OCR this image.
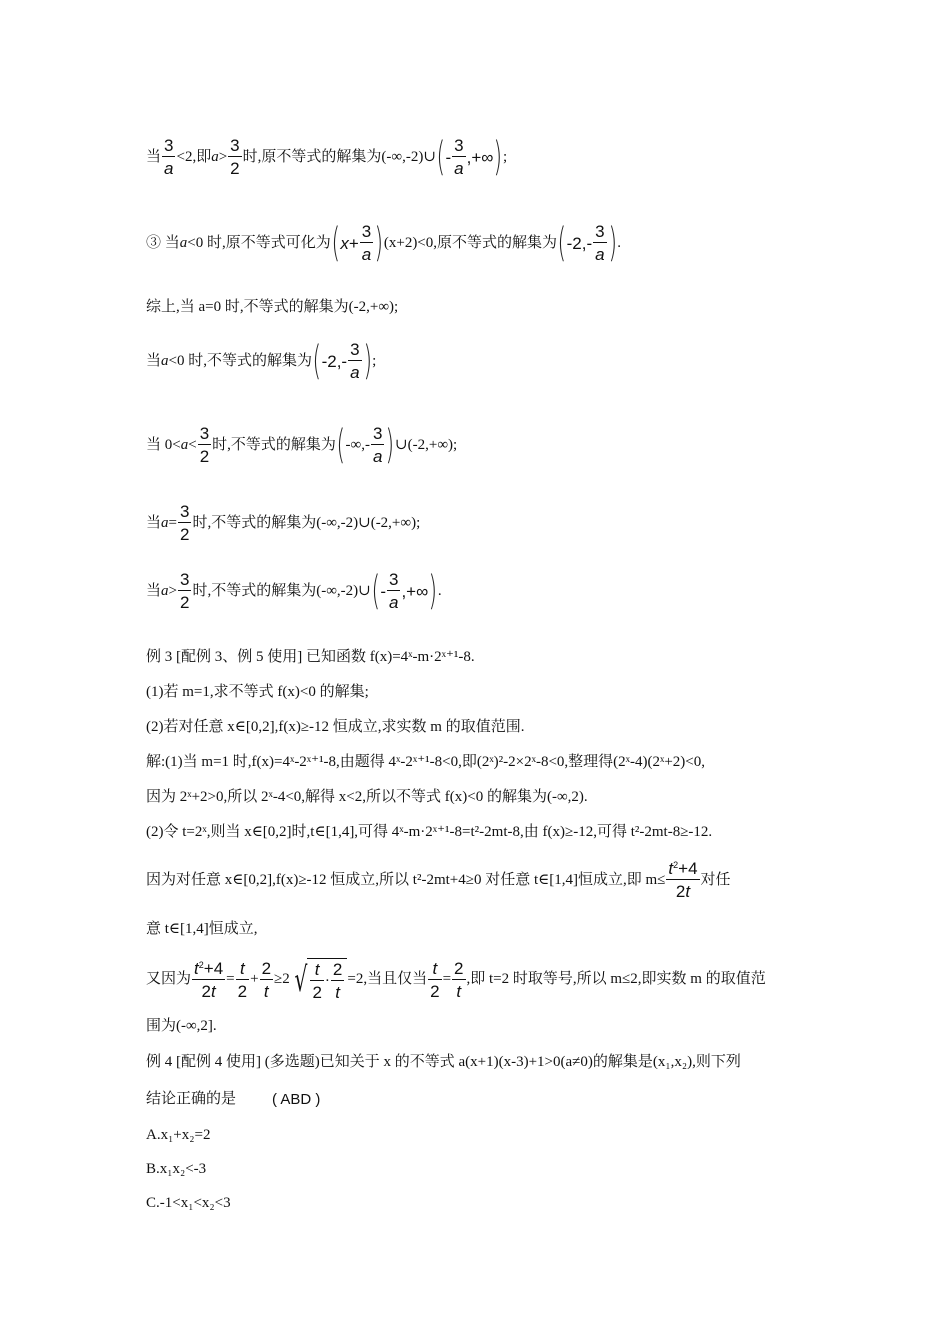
当 $\frac{3}{a} <2$,即 $a > \frac{3}{2}$ 时,原不等式的解集为(-∞,-2)∪ ( - $\frac{3}{a}$ ,+∞ ) ;
③ 当 a <0 时,原不等式可化为 ( $x+ \frac{3}{a}$ ) (x+2)<0,原不等式的解集为 ( $-2,- \frac{3}{a}$ ) .
综上,当 a=0 时,不等式的解集为(-2,+∞);
当 a <0 时,不等式的解集为 ( $-2,- \frac{3}{a}$ ) ;
当 $0< a < \frac{3}{2}$ 时,不等式的解集为 ( -∞,- $\frac{3}{a}$ ) ∪(-2,+∞);
当 $a = \frac{3}{2}$ 时,不等式的解集为(-∞,-2)∪(-2,+∞);
当 $a > \frac{3}{2}$ 时,不等式的解集为(-∞,-2)∪ ( - $\frac{3}{a}$ ,+∞ ) .
例 3 [配例 3、例 5 使用] 已知函数 f(x)=4ˣ-m·2ˣ⁺¹-8.
(1)若 m=1,求不等式 f(x)<0 的解集;
(2)若对任意 x∈[0,2],f(x)≥-12 恒成立,求实数 m 的取值范围.
解:(1)当 m=1 时,f(x)=4ˣ-2ˣ⁺¹-8,由题得 4ˣ-2ˣ⁺¹-8<0,即(2ˣ)²-2×2ˣ-8<0,整理得(2ˣ-4)(2ˣ+2)<0,
因为 2ˣ+2>0,所以 2ˣ-4<0,解得 x<2,所以不等式 f(x)<0 的解集为(-∞,2).
(2)令 t=2ˣ,则当 x∈[0,2]时,t∈[1,4],可得 4ˣ-m·2ˣ⁺¹-8=t²-2mt-8,由 f(x)≥-12,可得 t²-2mt-8≥-12.
因为对任意 x∈[0,2],f(x)≥-12 恒成立,所以 t²-2mt+4≥0 对任意 t∈[1,4]恒成立,即 $m\le \frac{t^2+4}{2t}$ 对任
意 t∈[1,4]恒成立,
又因为 $\frac{t^2+4}{2t} = \frac{t}{2} + \frac{2}{t} \ge 2$ √ $\frac{t}{2} \cdot \frac{2}{t} =2$,当且仅当 $\frac{t}{2} = \frac{2}{t}$ ,即 t=2 时取等号,所以 m≤2,即实数 m 的取值范
围为(-∞,2].
例 4 [配例 4 使用] (多选题)已知关于 x 的不等式 a(x+1)(x-3)+1>0(a≠0)的解集是(x₁,x₂),则下列
结论正确的是 ( ABD )
A.x₁+x₂=2
B.x₁x₂<-3
C.-1<x₁<x₂<3
